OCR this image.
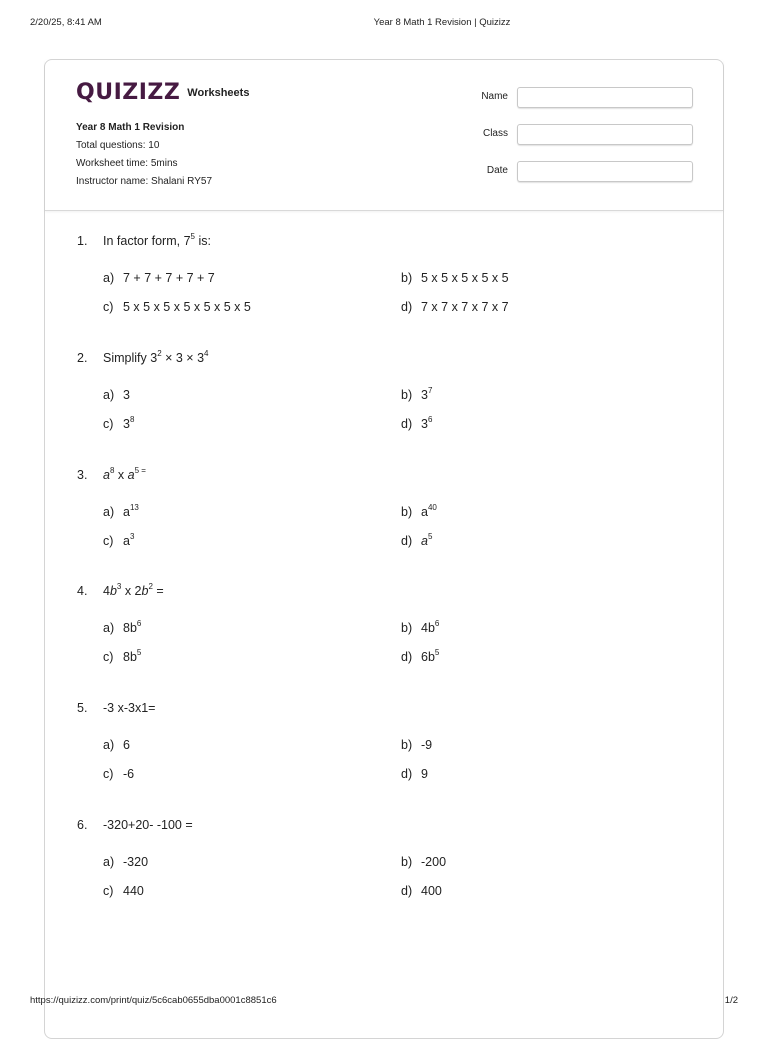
2/20/25, 8:41 AM	Year 8 Math 1 Revision | Quizizz
QUIZIZZ Worksheets
Year 8 Math 1 Revision
Total questions: 10
Worksheet time: 5mins
Instructor name: Shalani RY57
Name
Class
Date
1. In factor form, $7^5$ is:
a) 7 + 7 + 7 + 7 + 7	b) 5 x 5 x 5 x 5 x 5
c) 5 x 5 x 5 x 5 x 5 x 5 x 5	d) 7 x 7 x 7 x 7 x 7
2. Simplify $3^2 \times 3 \times 3^4$
a) 3	b) $3^7$
c) $3^8$	d) $3^6$
3. $a^8$ x $a^{5 =}$
a) $a^{13}$	b) $a^{40}$
c) $a^3$	d) $a^5$
4. $4b^3$ x $2b^2$ =
a) $8b^6$	b) $4b^6$
c) $8b^5$	d) $6b^5$
5. -3 x-3x1=
a) 6	b) -9
c) -6	d) 9
6. -320+20- -100 =
a) -320	b) -200
c) 440	d) 400
https://quizizz.com/print/quiz/5c6cab0655dba0001c8851c6	1/2
